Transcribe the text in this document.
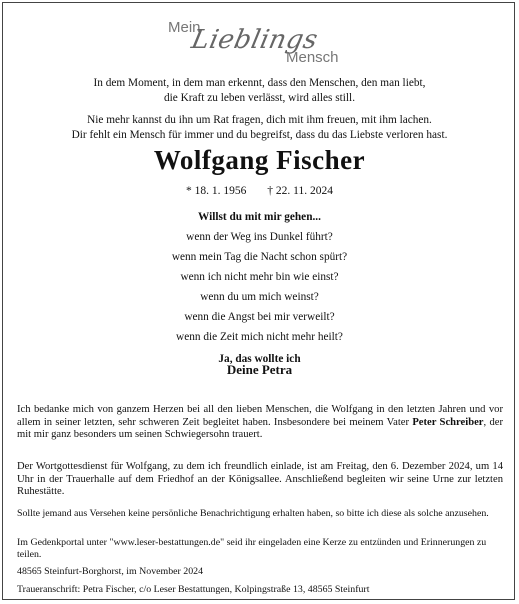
Mein
Lieblings
Mensch
In dem Moment, in dem man erkennt, dass den Menschen, den man liebt,
die Kraft zu leben verlässt, wird alles still.
Nie mehr kannst du ihn um Rat fragen, dich mit ihm freuen, mit ihm lachen.
Dir fehlt ein Mensch für immer und du begreifst, dass du das Liebste verloren hast.
Wolfgang Fischer
* 18. 1. 1956 † 22. 11. 2024
Willst du mit mir gehen...
wenn der Weg ins Dunkel führt?
wenn mein Tag die Nacht schon spürt?
wenn ich nicht mehr bin wie einst?
wenn du um mich weinst?
wenn die Angst bei mir verweilt?
wenn die Zeit mich nicht mehr heilt?
Ja, das wollte ich
Deine Petra
Ich bedanke mich von ganzem Herzen bei all den lieben Menschen, die Wolfgang in den letzten Jahren und vor allem in seiner letzten, sehr schweren Zeit begleitet haben. Insbesondere bei meinem Vater Peter Schreiber, der mit mir ganz besonders um seinen Schwiegersohn trauert.
Der Wortgottesdienst für Wolfgang, zu dem ich freundlich einlade, ist am Freitag, den 6. Dezember 2024, um 14 Uhr in der Trauerhalle auf dem Friedhof an der Königsallee. Anschließend begleiten wir seine Urne zur letzten Ruhestätte.
Sollte jemand aus Versehen keine persönliche Benachrichtigung erhalten haben, so bitte ich diese als solche anzusehen.
Im Gedenkportal unter "www.leser-bestattungen.de" seid ihr eingeladen eine Kerze zu entzünden und Erinnerungen zu teilen.
48565 Steinfurt-Borghorst, im November 2024
Traueranschrift: Petra Fischer, c/o Leser Bestattungen, Kolpingstraße 13, 48565 Steinfurt
